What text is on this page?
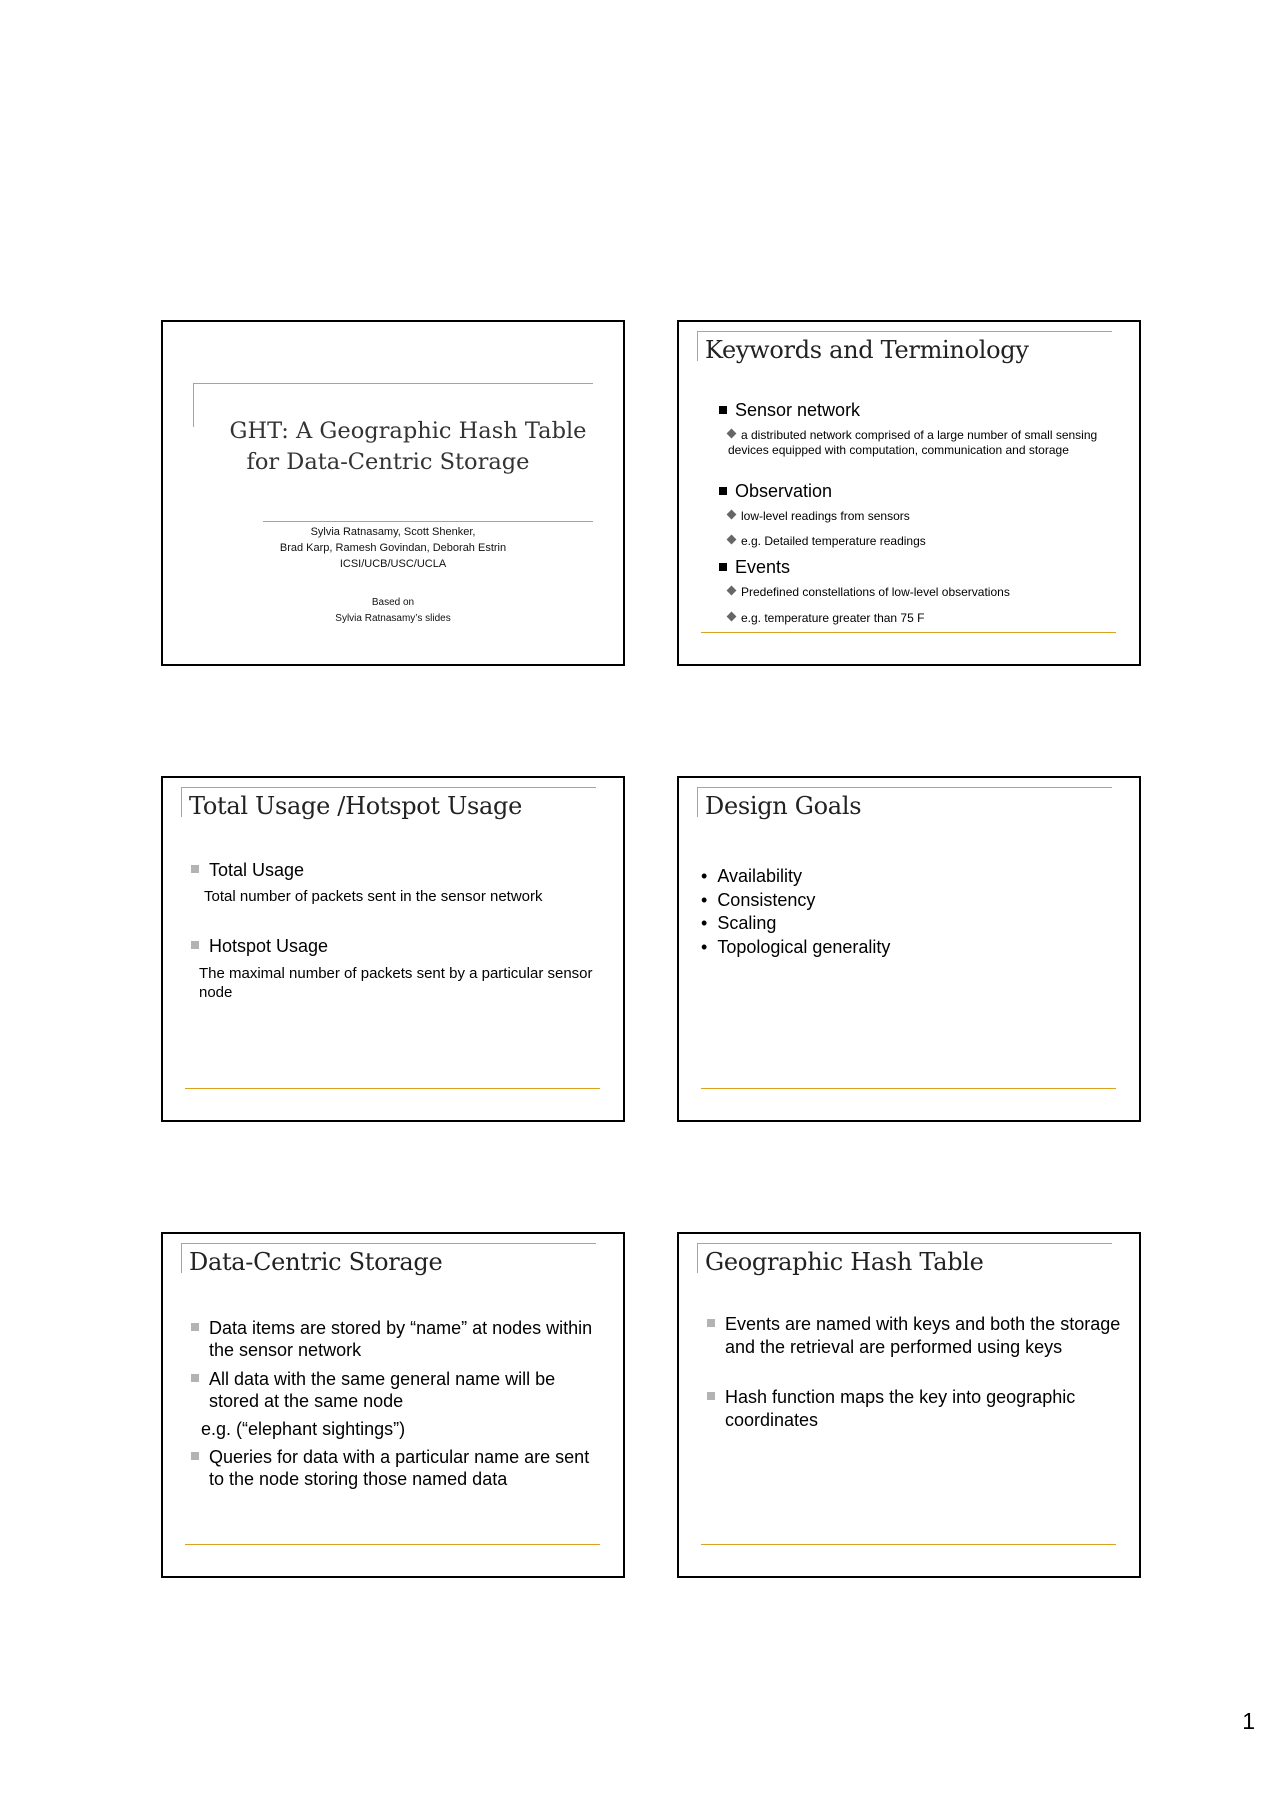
GHT: A Geographic Hash Table
for Data-Centric Storage
Sylvia Ratnasamy, Scott Shenker,
Brad Karp, Ramesh Govindan, Deborah Estrin
ICSI/UCB/USC/UCLA
Based on
Sylvia Ratnasamy’s slides
Keywords and Terminology
Sensor network
a distributed network comprised of a large number of small sensing devices equipped with computation, communication and storage
Observation
low-level readings from sensors
e.g. Detailed temperature readings
Events
Predefined constellations of low-level observations
e.g. temperature greater than 75 F
Total Usage /Hotspot Usage
Total Usage
Total number of packets sent in the sensor network
Hotspot Usage
The maximal number of packets sent by a particular sensor node
Design Goals
•  Availability
•  Consistency
•  Scaling
•  Topological generality
Data-Centric Storage
Data items are stored by “name” at nodes within the sensor network
All data with the same general name will be stored at the same node
e.g. (“elephant sightings”)
Queries for data with a particular name are sent to the node storing those named data
Geographic Hash Table
Events are named with keys and both the storage and the retrieval are performed using keys
Hash function maps the key into geographic coordinates
1
